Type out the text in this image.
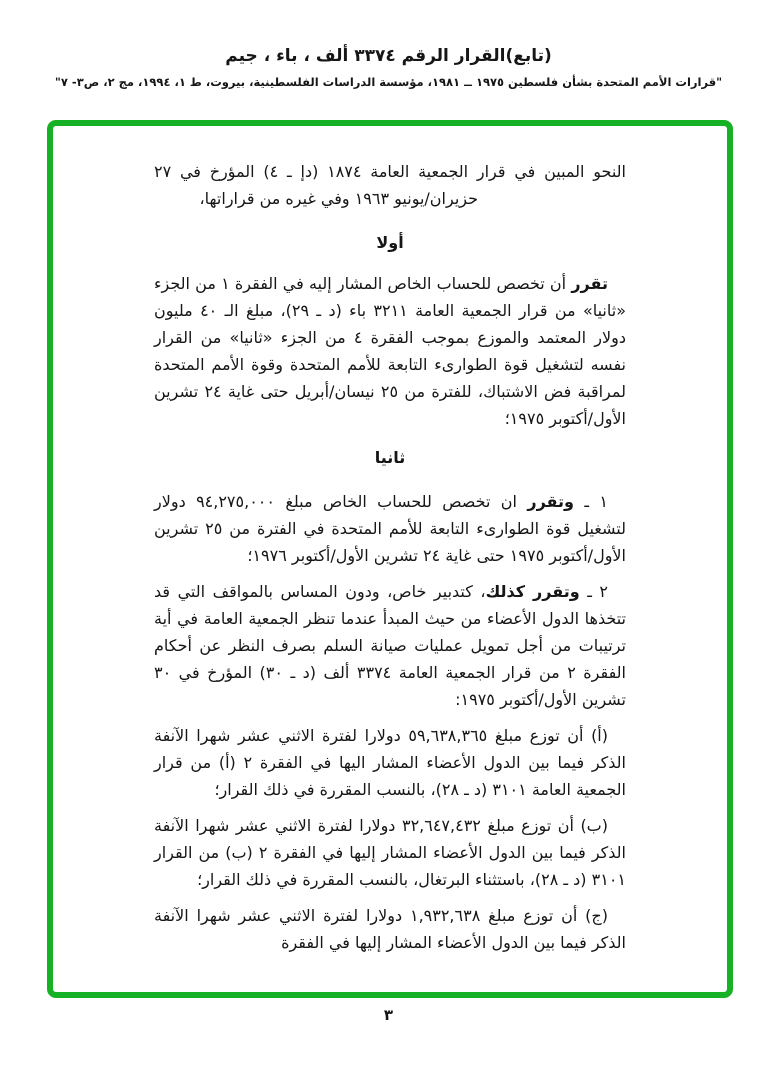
(تابع)القرار الرقم ٣٣٧٤ ألف ، باء ، جيم
"قرارات الأمم المتحدة بشأن فلسطين ١٩٧٥ ــ ١٩٨١، مؤسسة الدراسات الفلسطينية، بيروت، ط ١، ١٩٩٤، مج ٢، ص٣- ٧"

النحو المبين في قرار الجمعية العامة ١٨٧٤ (دإ ـ ٤) المؤرخ في ٢٧
حزيران/يونيو ١٩٦٣ وفي غيره من قراراتها،

أولا

تقرر أن تخصص للحساب الخاص المشار إليه في الفقرة ١ من الجزء «ثانيا» من قرار الجمعية العامة ٣٢١١ باء (د ـ ٢٩)، مبلغ الـ ٤٠ مليون دولار المعتمد والموزع بموجب الفقرة ٤ من الجزء «ثانيا» من القرار نفسه لتشغيل قوة الطوارىء التابعة للأمم المتحدة وقوة الأمم المتحدة لمراقبة فض الاشتباك، للفترة من ٢٥ نيسان/أبريل حتى غاية ٢٤ تشرين الأول/أكتوبر ١٩٧٥؛

ثانيا

١ ـ وتقرر ان تخصص للحساب الخاص مبلغ ٩٤,٢٧٥,٠٠٠ دولار لتشغيل قوة الطوارىء التابعة للأمم المتحدة في الفترة من ٢٥ تشرين الأول/أكتوبر ١٩٧٥ حتى غاية ٢٤ تشرين الأول/أكتوبر ١٩٧٦؛

٢ ـ وتقرر كذلك، كتدبير خاص، ودون المساس بالمواقف التي قد تتخذها الدول الأعضاء من حيث المبدأ عندما تنظر الجمعية العامة في أية ترتيبات من أجل تمويل عمليات صيانة السلم بصرف النظر عن أحكام الفقرة ٢ من قرار الجمعية العامة ٣٣٧٤ ألف (د ـ ٣٠) المؤرخ في ٣٠ تشرين الأول/أكتوبر ١٩٧٥:

(أ) أن توزع مبلغ ٥٩,٦٣٨,٣٦٥ دولارا لفترة الاثني عشر شهرا الآنفة الذكر فيما بين الدول الأعضاء المشار اليها في الفقرة ٢ (أ) من قرار الجمعية العامة ٣١٠١ (د ـ ٢٨)، بالنسب المقررة في ذلك القرار؛

(ب) أن توزع مبلغ ٣٢,٦٤٧,٤٣٢ دولارا لفترة الاثني عشر شهرا الآنفة الذكر فيما بين الدول الأعضاء المشار إليها في الفقرة ٢ (ب) من القرار ٣١٠١ (د ـ ٢٨)، باستثناء البرتغال، بالنسب المقررة في ذلك القرار؛

(ج) أن توزع مبلغ ١,٩٣٢,٦٣٨ دولارا لفترة الاثني عشر شهرا الآنفة الذكر فيما بين الدول الأعضاء المشار إليها في الفقرة

٣
